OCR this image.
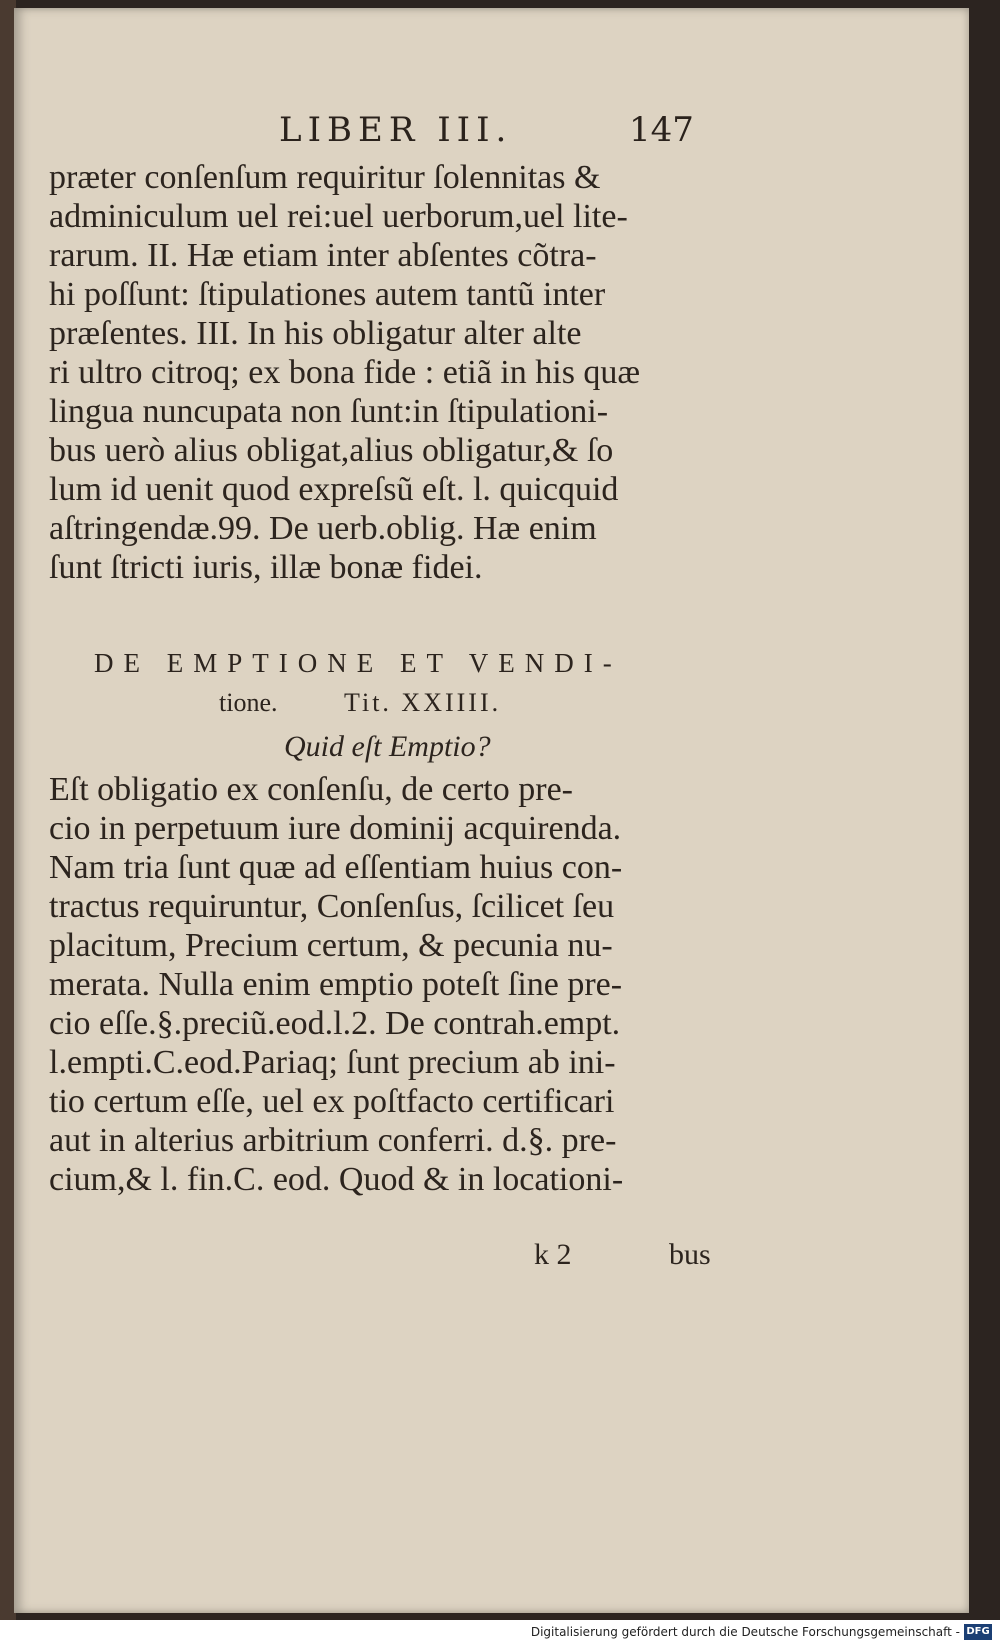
LIBER III.	147
præter conſenſum requiritur ſolennitas &
adminiculum uel rei:uel uerborum,uel lite-
rarum. II. Hæ etiam inter abſentes cõtra-
hi poſſunt: ſtipulationes autem tantũ inter
præſentes. III. In his obligatur alter alte
ri ultro citroq; ex bona fide : etiã in his quæ
lingua nuncupata non ſunt:in ſtipulationi-
bus uerò alius obligat,alius obligatur,& ſo
lum id uenit quod expreſsũ eſt. l. quicquid
aſtringendæ.99. De uerb.oblig. Hæ enim
ſunt ſtricti iuris, illæ bonæ fidei.
DE EMPTIONE ET VENDI-
tione.	Tit. XXIIII.
Quid eſt Emptio?
Eſt obligatio ex conſenſu, de certo pre-
cio in perpetuum iure dominij acquirenda.
Nam tria ſunt quæ ad eſſentiam huius con-
tractus requiruntur, Conſenſus, ſcilicet ſeu
placitum, Precium certum, & pecunia nu-
merata. Nulla enim emptio poteſt ſine pre-
cio eſſe.§.preciũ.eod.l.2. De contrah.empt.
l.empti.C.eod.Pariaq; ſunt precium ab ini-
tio certum eſſe, uel ex poſtfacto certificari
aut in alterius arbitrium conferri. d.§. pre-
cium,& l. fin.C. eod. Quod & in locationi-
k 2	bus
Digitalisierung gefördert durch die Deutsche Forschungsgemeinschaft - DFG
